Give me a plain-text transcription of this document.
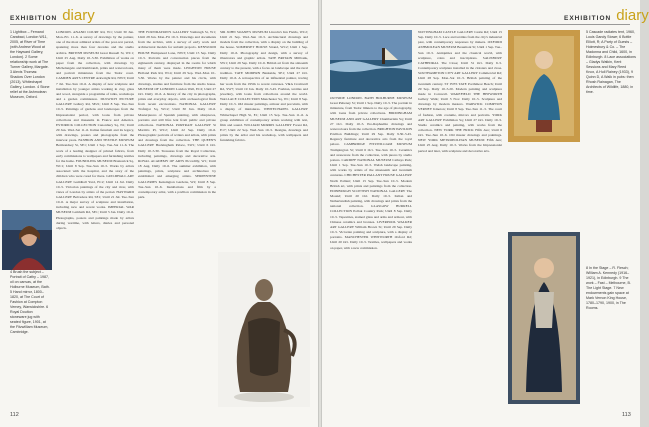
EXHIBITION diary
1 Lightbox – Femand Carabaci, London W11, 2005, at River of Time (with Andrew Wood at the Hayward Gallery, London). 2 Some relationship work at The Turner Gallery, Margate. 3 Alexis Thomas: Shadow Over London (2013), Whitechapel Gallery, London. 4 Stone relief at the Ashmolean Museum, Oxford.
4 Brush the subject – Portrait of Cathy – 1987, oil on canvas, at the Holburne Museum, Bath. 5 Hand mirror, 1800–1820, at The Court of Fashion at Compton Verney, Warwickshire. 6 Royal Doulton stoneware jug with seated figure, 1901, at the Fitzwilliam Museum, Cambridge.
LONDON. ANAND COURT Rd, W1; Until 30 Jun. Mon–Fri. 11–6. A survey of drawings by the painter, one of the most admired artists of the post-war period, spanning more than four decades and the studio archive. BRITISH MUSEUM Great Russell St, WC1; Until 25 Aug. Daily 10–5.30. Exhibition of works on paper from the collection, with drawings by Michelangelo and Rembrandt, prints and watercolours, and portrait miniatures from the Tudor court. CAMDEN ARTS CENTRE Arkwright Rd, NW3; Until 7 Jul. Tue–Sun 10–6. A display of new sculpture and installation by younger artists working in clay, glass and wood, alongside a programme of talks, workshops and a garden commission. DULWICH PICTURE GALLERY Gallery Rd, SE21; Until 8 Sep. Tue–Sun 10–5. Paintings of gardens and landscapes from the Impressionist period, with loans from private collections and museums in France and America. ESTORICK COLLECTION Canonbury Sq, N1; Until 29 Jun. Wed–Sat 11–6. Italian futurism and its legacy, with drawings, posters and photographs from the interwar years. FASHION AND TEXTILE MUSEUM Bermondsey St, SE1; Until 1 Sep. Tue–Sat 11–6. The work of a leading designer of printed fabrics, from early commissions to wallpapers and furnishing textiles for the home. FOUNDLING MUSEUM Brunswick Sq, WC1; Until 8 Sep. Tue–Sun 10–5. Works by artists associated with the hospital, and the story of the children who were cared for there. GUILDHALL ART GALLERY Guildhall Yard, EC2; Until 14 Jul. Daily 10–5. Victorian paintings of the city and river, with views of London by artists of the period. HAYWARD GALLERY Belvedere Rd, SE1; Until 21 Jul. Tue–Sun 10–6. A major survey of sculpture and installation, including new and recent works. IMPERIAL WAR MUSEUM Lambeth Rd, SE1; Until 5 Jan. Daily 10–6. Photographs, posters and paintings made by artists during wartime, with letters, diaries and personal objects.
THE FOUNDATION'S GALLERY Vanbrugh St, W1; Until 28 Jun. Mon–Fri 10–5. Drawings and documents from the archive, with a survey of early work and architectural models for unbuilt projects. KENWOOD HOUSE Hampstead Lane, NW3; Until 15 Sep. Daily 10–5. Portraits and conversation pieces from the eighteenth century, displayed in the rooms for which many of them were made. LEIGHTON HOUSE Holland Park Rd, W14; Until 29 Sep. Wed–Mon 10–5.30. Works by the painter and his circle, with drawings, studies and furniture from the studio house. MUSEUM OF LONDON London Wall, EC2; Until 27 Oct. Daily 10–6. A history of the city in photographs, prints and everyday objects, with archaeological finds from recent excavations. NATIONAL GALLERY Trafalgar Sq, WC2; Until 30 Jun. Daily 10–6. Masterpieces of Spanish painting, with altarpieces, portraits and still lifes lent from public and private collections. NATIONAL PORTRAIT GALLERY St Martin's Pl, WC2; Until 22 Sep. Daily 10–6. Photographic portraits of writers and artists, with prints and drawings from the collection. THE QUEEN'S GALLERY Buckingham Palace, SW1; Until 6 Oct. Daily 10–5.30. Treasures from the Royal Collection, including paintings, drawings and decorative arts. ROYAL ACADEMY OF ARTS Piccadilly, W1; Until 18 Aug. Daily 10–6. The summer exhibition, with paintings, prints, sculpture and architecture by established and emerging artists. SERPENTINE GALLERIES Kensington Gardens, W2; Until 8 Sep. Tue–Sun 10–6. Installations and film by a contemporary artist, with a pavilion commission in the park.
SIR JOHN SOANE'S MUSEUM Lincoln's Inn Fields, WC2; Until 21 Sep. Wed–Sun 10–5. Architectural drawings and models from the collection, with a display on the building of the house. SOMERSET HOUSE Strand, WC2; Until 1 Sep. Daily 10–6. Photography and design, with a survey of illustrators and graphic artists. TATE BRITAIN Millbank, SW1; Until 29 Sep. Daily 10–6. British art from the sixteenth century to the present, with a focus on landscape and the rural tradition. TATE MODERN Bankside, SE1; Until 27 Oct. Daily 10–6. A retrospective of an influential painter, tracing her work from the 1950s to recent canvases. V&A Cromwell Rd, SW7; Until 19 Jan. Daily 10–5.45. Fashion, textiles and jewellery, with loans from collections around the world. WALLACE COLLECTION Manchester Sq, W1; Until 8 Sep. Daily 10–5. Old master paintings, armour and porcelain, with a display of miniatures. WHITECHAPEL GALLERY Whitechapel High St, E1; Until 15 Sep. Tue–Sun 11–6. A group exhibition of contemporary artists working with text, film and sound. WILLIAM MORRIS GALLERY Forest Rd, E17; Until 22 Sep. Wed–Sun 10–5. Designs, drawings and prints by the artist and his workshop, with wallpapers and furnishing fabrics.
112
EXHIBITION diary
OUTSIDE LONDON. BATH HOLBURNE MUSEUM Great Pulteney St; Until 1 Sep. Daily 10–5. The portrait in miniature, from Tudor limners to the age of photography, with loans from private collections. BIRMINGHAM MUSEUM AND ART GALLERY Chamberlain Sq; Until 27 Oct. Daily 10–5. Pre-Raphaelite drawings and watercolours from the collection. BRIGHTON PAVILION Pavilion Buildings; Until 29 Sep. Daily 9.30–5.45. Regency furniture and decorative arts from the royal palace. CAMBRIDGE FITZWILLIAM MUSEUM Trumpington St; Until 6 Oct. Tue–Sun 10–5. Ceramics and stoneware from the collection, with pieces by studio potters. CARDIFF NATIONAL MUSEUM Cathays Park; Until 1 Sep. Tue–Sun 10–5. Welsh landscape painting, with works by artists of the nineteenth and twentieth centuries. CHICHESTER PALLANT HOUSE GALLERY North Pallant; Until 15 Sep. Tue–Sun 10–5. Modern British art, with prints and paintings from the collection. EDINBURGH SCOTTISH NATIONAL GALLERY The Mound; Until 20 Oct. Daily 10–5. Italian and Netherlandish painting, with drawings and prints from the national collection. GLASGOW BURRELL COLLECTION Pollok Country Park; Until 8 Sep. Daily 10–5. Tapestries, stained glass and arms and armour, with Chinese ceramics and bronzes. LIVERPOOL WALKER ART GALLERY William Brown St; Until 29 Sep. Daily 10–5. Victorian painting and sculpture, with a display of portraits. MANCHESTER WHITWORTH Oxford Rd; Until 20 Oct. Daily 10–5. Textiles, wallpapers and works on paper, with a new commission.
NOTTINGHAM CASTLE GALLERY Castle Rd; Until 15 Sep. Daily 10–5. Lace and textiles from the city's industrial past, with contemporary responses by makers. OXFORD ASHMOLEAN MUSEUM Beaumont St; Until 1 Sep. Tue–Sun 10–5. Antiquities and the classical world, with sculpture, coins and inscriptions. SALISBURY CATHEDRAL The Close; Until 31 Oct. Daily 9–5. Contemporary sculpture installed in the cloisters and close. SOUTHAMPTON CITY ART GALLERY Commercial Rd; Until 28 Sep. Mon–Sat 10–3. British painting of the twentieth century. ST IVES TATE Porthmeor Beach; Until 29 Sep. Daily 10–5.20. Modern painting and sculpture made in Cornwall. WAKEFIELD THE HEPWORTH Gallery Walk; Until 3 Nov. Daily 10–5. Sculpture and drawings by modern masters. WARWICK COMPTON VERNEY Kineton; Until 8 Sep. Tue–Sun 11–5. The court of fashion, with costume, mirrors and portraits. YORK ART GALLERY Exhibition Sq; Until 27 Oct. Daily 10–5. Studio ceramics and painting, with works from the collection. NEW YORK THE FRICK Fifth Ave; Until 6 Oct. Tue–Sun 10–6. Old master drawings and paintings. NEW YORK METROPOLITAN MUSEUM Fifth Ave; Until 25 Aug. Daily 10–5. Works from the Impressionist period and later, with sculpture and decorative arts.
5 Cascade radiates tent, 1960, Louis Gandy Stowe; 6 Bottle Elliott, R; A Party of Guests – Holmesbury & Co. – The Madonna and Child, 1600, in Edinburgh. 8 Lace associations – Gladys Watkin, Kent Sessions and Mary Reed Knox, A Hull Rainey (1933), 9 Quinn D, A Walk in pubs: then Rhosh Rainagan, The Architects of Wildlife, 1880, in time.
8 In the Stage – R. Flesch; William A. Kennedy (1916–1921), in Edinburgh. 9 The work – Fast – Melbourne, B. The Light Stage. 7 New endowments gain space at Mark Vernon King House, 1780–1790, 1900, in The Rooms.
113
